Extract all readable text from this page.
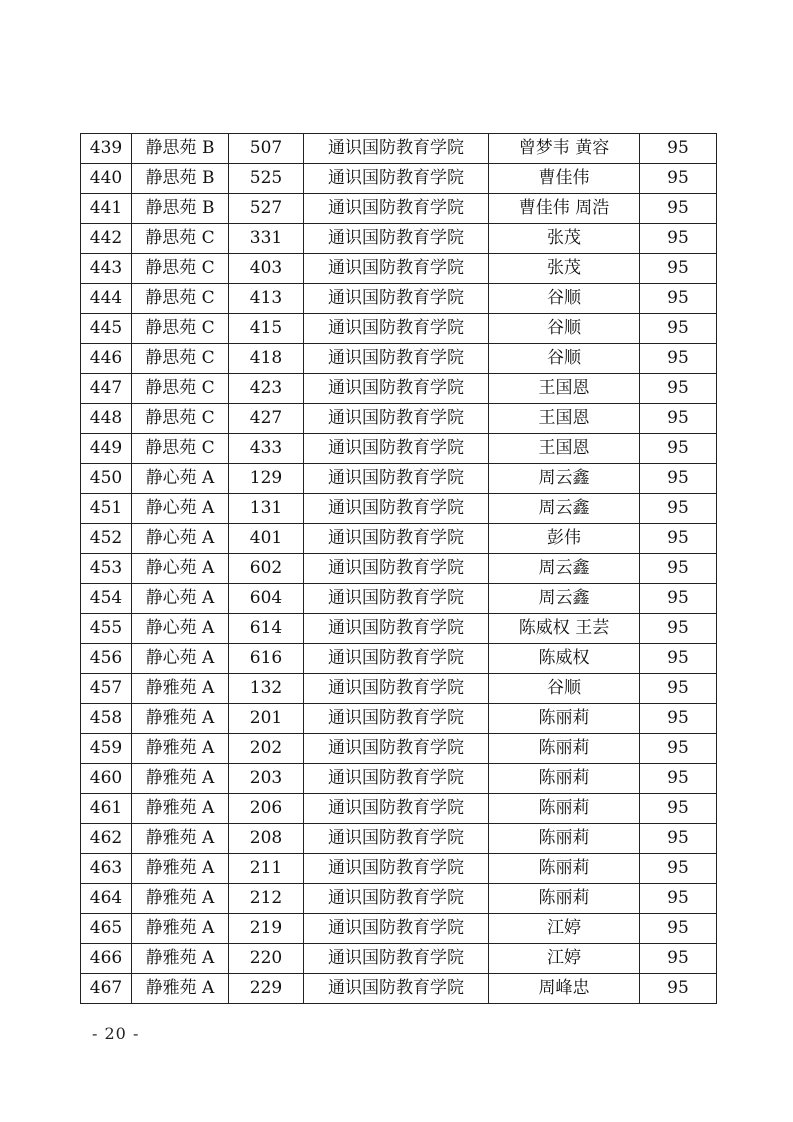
439	静思苑 B	507	通识国防教育学院	曾梦韦 黄容	95
440	静思苑 B	525	通识国防教育学院	曹佳伟	95
441	静思苑 B	527	通识国防教育学院	曹佳伟 周浩	95
442	静思苑 C	331	通识国防教育学院	张茂	95
443	静思苑 C	403	通识国防教育学院	张茂	95
444	静思苑 C	413	通识国防教育学院	谷顺	95
445	静思苑 C	415	通识国防教育学院	谷顺	95
446	静思苑 C	418	通识国防教育学院	谷顺	95
447	静思苑 C	423	通识国防教育学院	王国恩	95
448	静思苑 C	427	通识国防教育学院	王国恩	95
449	静思苑 C	433	通识国防教育学院	王国恩	95
450	静心苑 A	129	通识国防教育学院	周云鑫	95
451	静心苑 A	131	通识国防教育学院	周云鑫	95
452	静心苑 A	401	通识国防教育学院	彭伟	95
453	静心苑 A	602	通识国防教育学院	周云鑫	95
454	静心苑 A	604	通识国防教育学院	周云鑫	95
455	静心苑 A	614	通识国防教育学院	陈威权 王芸	95
456	静心苑 A	616	通识国防教育学院	陈威权	95
457	静雅苑 A	132	通识国防教育学院	谷顺	95
458	静雅苑 A	201	通识国防教育学院	陈丽莉	95
459	静雅苑 A	202	通识国防教育学院	陈丽莉	95
460	静雅苑 A	203	通识国防教育学院	陈丽莉	95
461	静雅苑 A	206	通识国防教育学院	陈丽莉	95
462	静雅苑 A	208	通识国防教育学院	陈丽莉	95
463	静雅苑 A	211	通识国防教育学院	陈丽莉	95
464	静雅苑 A	212	通识国防教育学院	陈丽莉	95
465	静雅苑 A	219	通识国防教育学院	江婷	95
466	静雅苑 A	220	通识国防教育学院	江婷	95
467	静雅苑 A	229	通识国防教育学院	周峰忠	95
- 20 -
